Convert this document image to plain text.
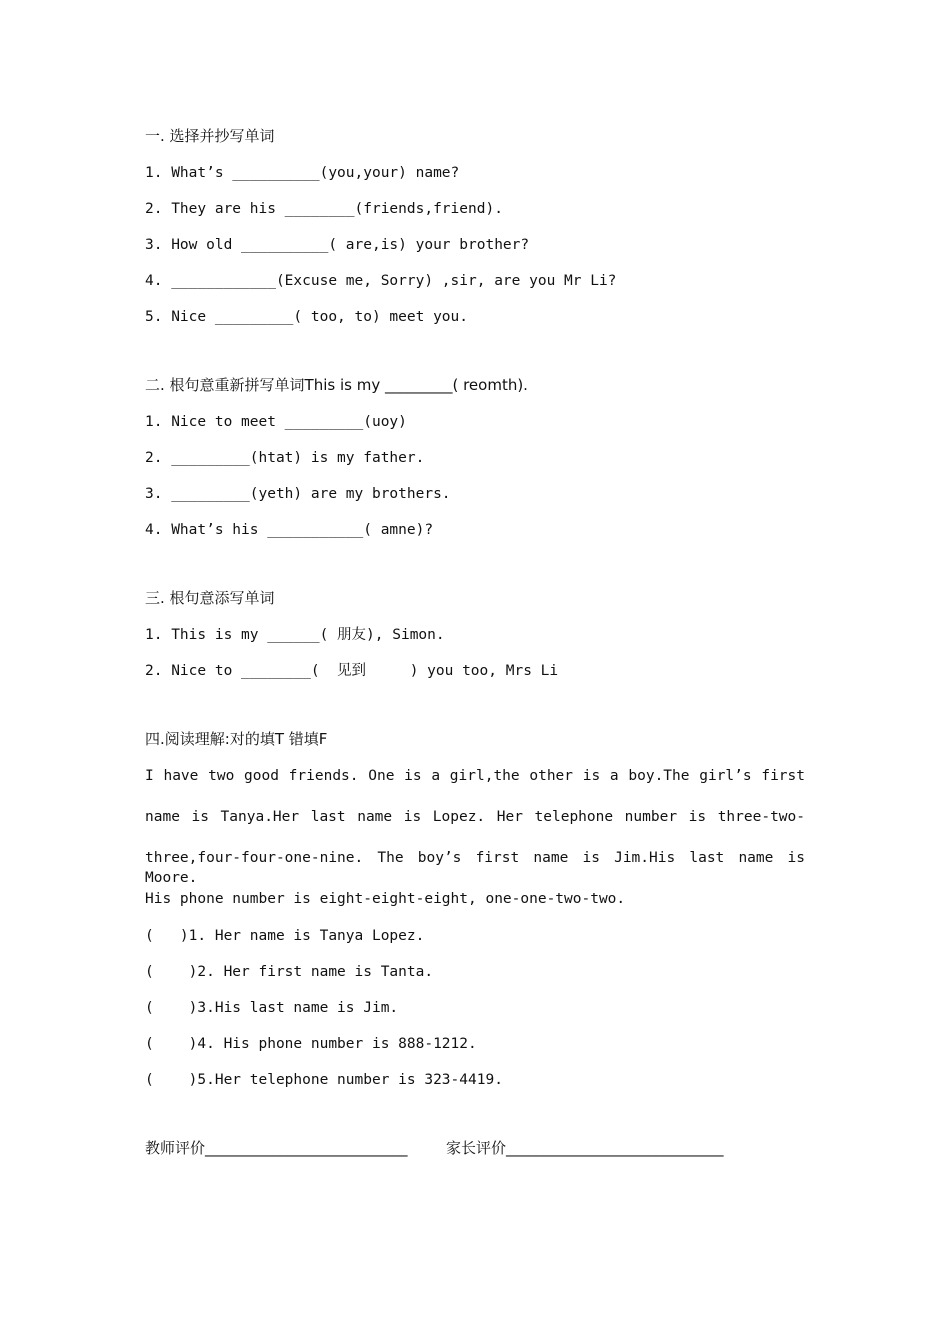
一. 选择并抄写单词
1. What’s __________(you,your) name?
2. They are his ________(friends,friend).
3. How old __________( are,is) your brother?
4. ____________(Excuse me, Sorry) ,sir, are you Mr Li?
5. Nice _________( too, to) meet you.
二. 根句意重新拼写单词This is my _________( reomth).
1. Nice to meet _________(uoy)
2. _________(htat) is my father.
3. _________(yeth) are my brothers.
4. What’s his ___________( amne)?
三. 根句意添写单词
1. This is my ______( 朋友), Simon.
2. Nice to ________(  见到     ) you too, Mrs Li
四.阅读理解:对的填T 错填F
I have two good friends. One is a girl,the other is a boy.The girl’s first
name is Tanya.Her last name is Lopez. Her telephone number is three-two-
three,four-four-one-nine. The boy’s first name is Jim.His last name is Moore.
His phone number is eight-eight-eight, one-one-two-two.
(   )1. Her name is Tanya Lopez.
(    )2. Her first name is Tanta.
(    )3.His last name is Jim.
(    )4. His phone number is 888-1212.
(    )5.Her telephone number is 323-4419.
教师评价___________________________	家长评价_____________________________
